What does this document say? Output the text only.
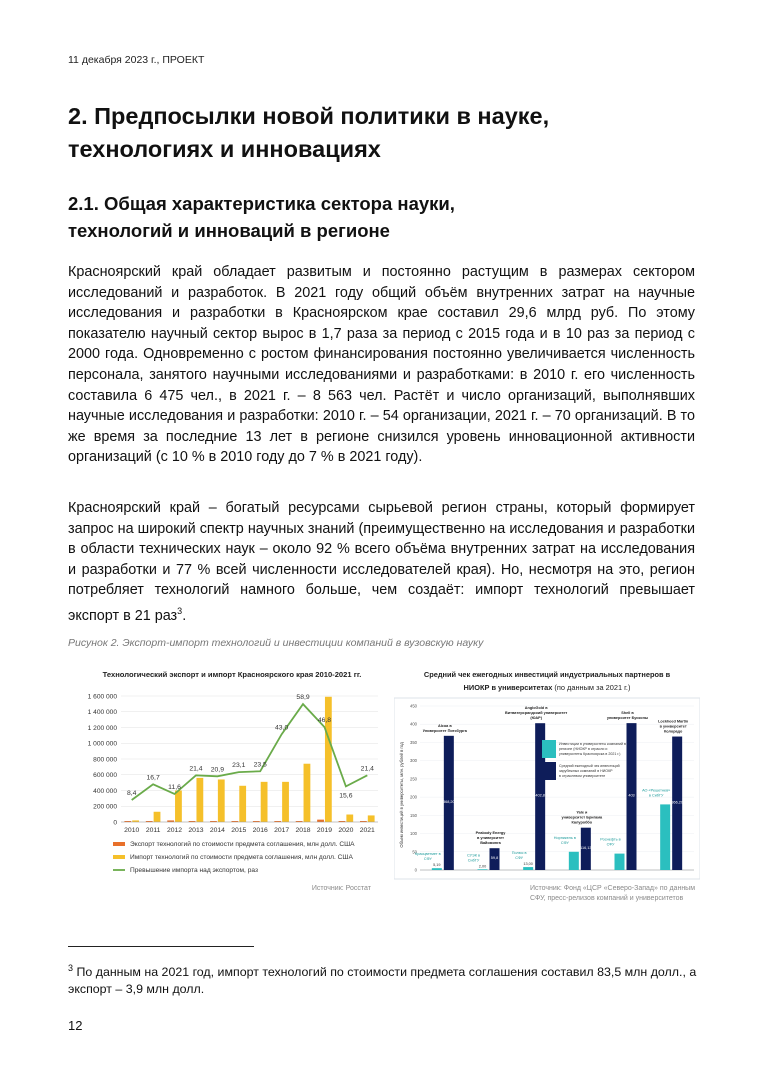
11 декабря 2023 г., ПРОЕКТ
2. Предпосылки новой политики в науке,
технологиях и инновациях
2.1. Общая характеристика сектора науки,
технологий и инноваций в регионе
Красноярский край обладает развитым и постоянно растущим в размерах сектором исследований и разработок. В 2021 году общий объём внутренних затрат на научные исследования и разработки в Красноярском крае составил 29,6 млрд руб. По этому показателю научный сектор вырос в 1,7 раза за период с 2015 года и в 10 раз за период с 2000 года. Одновременно с ростом финансирования постоянно увеличивается численность персонала, занятого научными исследованиями и разработками: в 2010 г. его численность составила 6 475 чел., в 2021 г. – 8 563 чел. Растёт и число организаций, выполнявших научные исследования и разработки: 2010 г. – 54 организации, 2021 г. – 70 организаций. В то же время за последние 13 лет в регионе снизился уровень инновационной активности организаций (с 10 % в 2010 году до 7 % в 2021 году).
Красноярский край – богатый ресурсами сырьевой регион страны, который формирует запрос на широкий спектр научных знаний (преимущественно на исследования и разработки в области технических наук – около 92 % всего объёма внутренних затрат на исследования и разработки и 77 % всей численности исследователей края). Но, несмотря на это, регион потребляет технологий намного больше, чем создаёт: импорт технологий превышает экспорт в 21 раз$^3$.
Рисунок 2. Экспорт-импорт технологий и инвестиции компаний в вузовскую науку
Технологический экспорт и импорт Красноярского края 2010-2021 гг.
1 600 000
1 400 000
1 200 000
1 000 000
800 000
600 000
400 000
200 000
0
8,4
16,7
11,6
21,4 20,9
23,1 23,5
43,0
58,9
46,8
15,6
21,4
2010 2011 2012 2013 2014 2015 2016 2017 2018 2019 2020 2021
Экспорт технологий по стоимости предмета соглашения, млн долл. США
Импорт технологий по стоимости предмета соглашения, млн долл. США
Превышение импорта над экспортом, раз
Источник: Росстат
Средний чек ежегодных инвестиций индустриальных партнеров в
НИОКР в университетах (по данным за 2021 г.)
Объем инвестиций в университеты, млн. рублей в год
450
400
350
300
250
200
150
100
50
0
5,19
Красцветмет в
СФУ
368,20
Alcoa в
Университет Питсбурга
2,00
СУЭК в
СибГУ
59,8
Peabody Energy
в университет
Вайоминга
13,00
Полюс в
СФУ
402,8
AngloGold в
Витватерсрандский университет
(ЮАР)
Норникель в
СФУ
116,13
Yale и
университет Бригама
Калуроббо
Роснефть в
СФУ
403
Shell в
университет Бусконы
АО «Решетнев»
в СибГУ
366,20
Lockheed Martin
в университет
Колорадо
Инвестиции в университеты компаний в
регионе (НИОКР в отрасли и
университеты Красноярска в 2021 г.)
Средний ежегодный чек инвестиций
зарубежных компаний в НИОКР
в отраслевом университете
Источник: Фонд «ЦСР «Северо-Запад» по данным
СФУ, пресс-релизов компаний и университетов
$^3$ По данным на 2021 год, импорт технологий по стоимости предмета соглашения составил 83,5 млн долл., а экспорт – 3,9 млн долл.
12
